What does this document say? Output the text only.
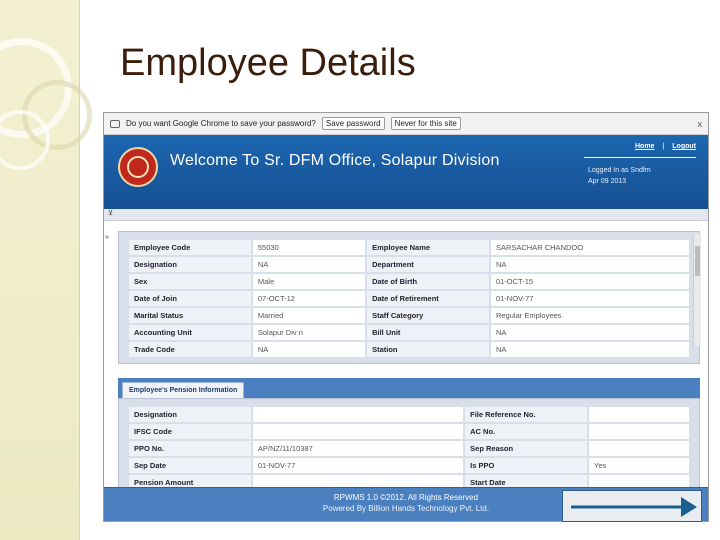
Employee Details
Do you want Google Chrome to save your password?	Save password	Never for this site	x
Welcome To Sr. DFM Office, Solapur Division
Home | Logout
Logged In as Sndfm
Apr 09 2013
⊻
»
Employee Code	55030	Employee Name	SARSACHAR CHANDOO
Designation	NA	Department	NA
Sex	Male	Date of Birth	01-OCT-15
Date of Join	07-OCT-12	Date of Retirement	01-NOV-77
Marital Status	Married	Staff Category	Regular Employees
Accounting Unit	Solapur Div n	Bill Unit	NA
Trade Code	NA	Station	NA
Employee's Pension Information
Designation		File Reference No.	
IFSC Code		AC No.	
PPO No.	AP/NZ/11/10387	Sep Reason	
Sep Date	01-NOV-77	Is PPO	Yes
Pension Amount		Start Date	

RPWMS 1.0 ©2012. All Rights Reserved
Powered By Billion Hands Technology Pvt. Ltd.
